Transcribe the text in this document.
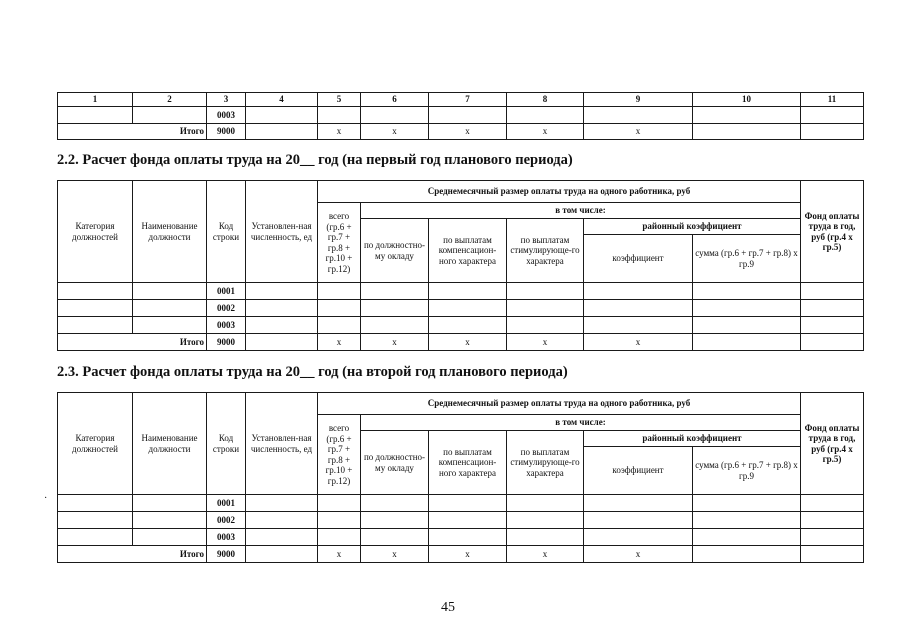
1	2	3	4	5	6	7	8	9	10	11
		0003								
Итого		9000		x	x	x	x	x		
2.2. Расчет фонда оплаты труда на 20__ год (на первый год планового периода)
Категория должностей	Наименование должности	Код строки	Установлен-ная численность, ед	Среднемесячный размер оплаты труда на одного работника, руб						Фонд оплаты труда в год, руб (гр.4 х гр.5)
				всего (гр.6 + гр.7 + гр.8 + гр.10 + гр.12)	в том числе:					
					по должностно-му окладу	по выплатам компенсацион-ного характера	по выплатам стимулирующе-го характера	районный коэффициент		
								коэффициент	сумма (гр.6 + гр.7 + гр.8) х гр.9	
		0001								
		0002								
		0003								
Итого		9000		x	x	x	x	x		
2.3. Расчет фонда оплаты труда на 20__ год (на второй год планового периода)
Категория должностей	Наименование должности	Код строки	Установлен-ная численность, ед	Среднемесячный размер оплаты труда на одного работника, руб						Фонд оплаты труда в год, руб (гр.4 х гр.5)
				всего (гр.6 + гр.7 + гр.8 + гр.10 + гр.12)	в том числе:					
					по должностно-му окладу	по выплатам компенсацион-ного характера	по выплатам стимулирующе-го характера	районный коэффициент		
								коэффициент	сумма (гр.6 + гр.7 + гр.8) х гр.9	
		0001								
		0002								
		0003								
Итого		9000		x	x	x	x	x		
·
45
